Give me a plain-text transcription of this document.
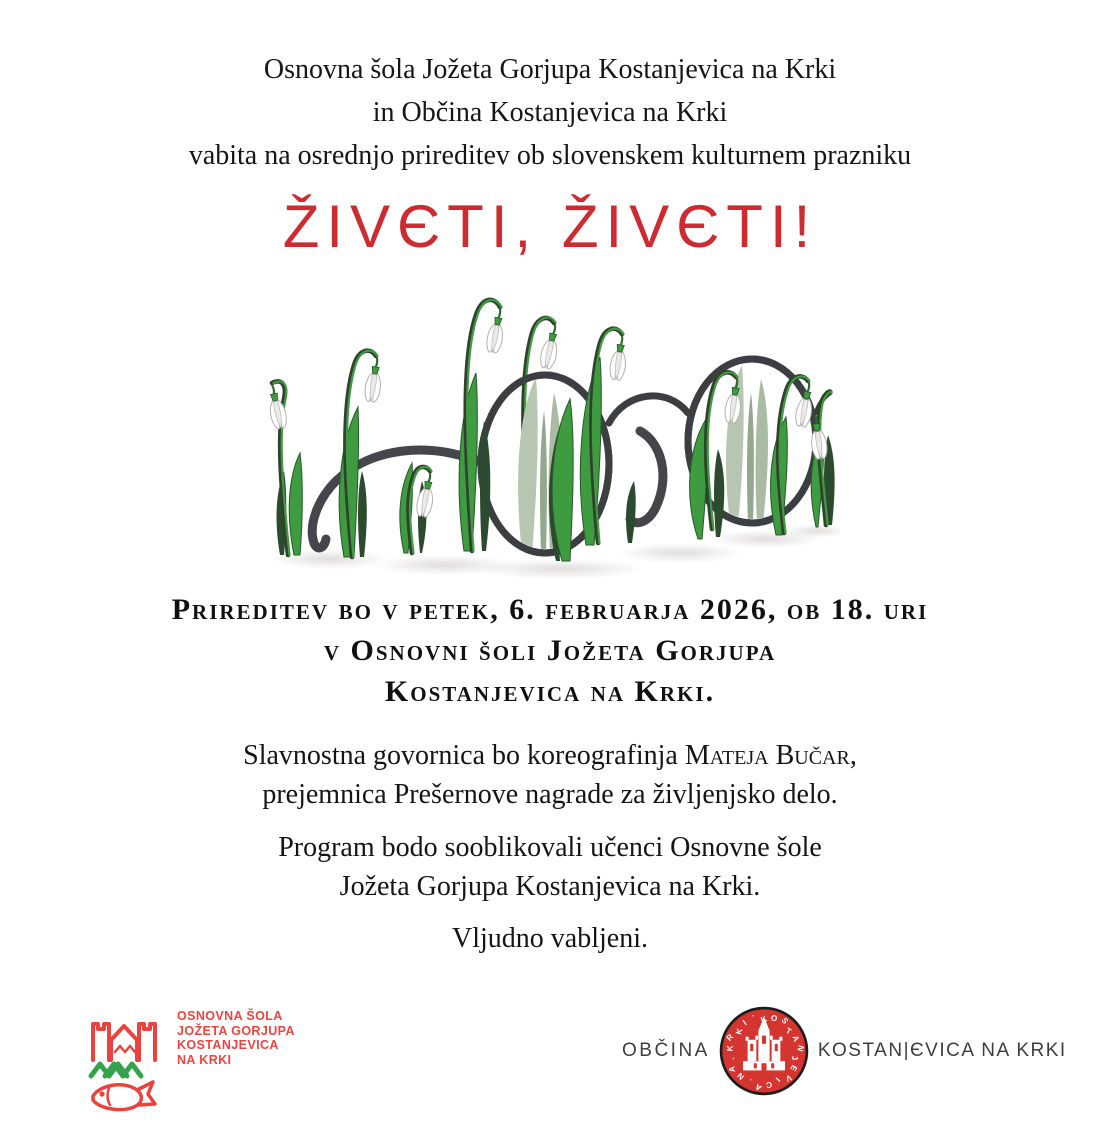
Osnovna šola Jožeta Gorjupa Kostanjevica na Krki
in Občina Kostanjevica na Krki
vabita na osrednjo prireditev ob slovenskem kulturnem prazniku
ŽIVЄTI, ŽIVЄTI!
Prireditev bo v petek, 6. februarja 2026, ob 18. uri
v Osnovni šoli Jožeta Gorjupa
Kostanjevica na Krki.
Slavnostna govornica bo koreografinja Mateja Bučar,
prejemnica Prešernove nagrade za življenjsko delo.
Program bodo sooblikovali učenci Osnovne šole
Jožeta Gorjupa Kostanjevica na Krki.
Vljudno vabljeni.
OSNOVNA ŠOLA
JOŽETA GORJUPA
KOSTANJEVICA
NA KRKI	OBČINA
K O S
T
A
N
J
E
V
I
C
A
·
N
A
·
K
R
K
I
·
KOSTAN|ЄVICA NA KRKI
